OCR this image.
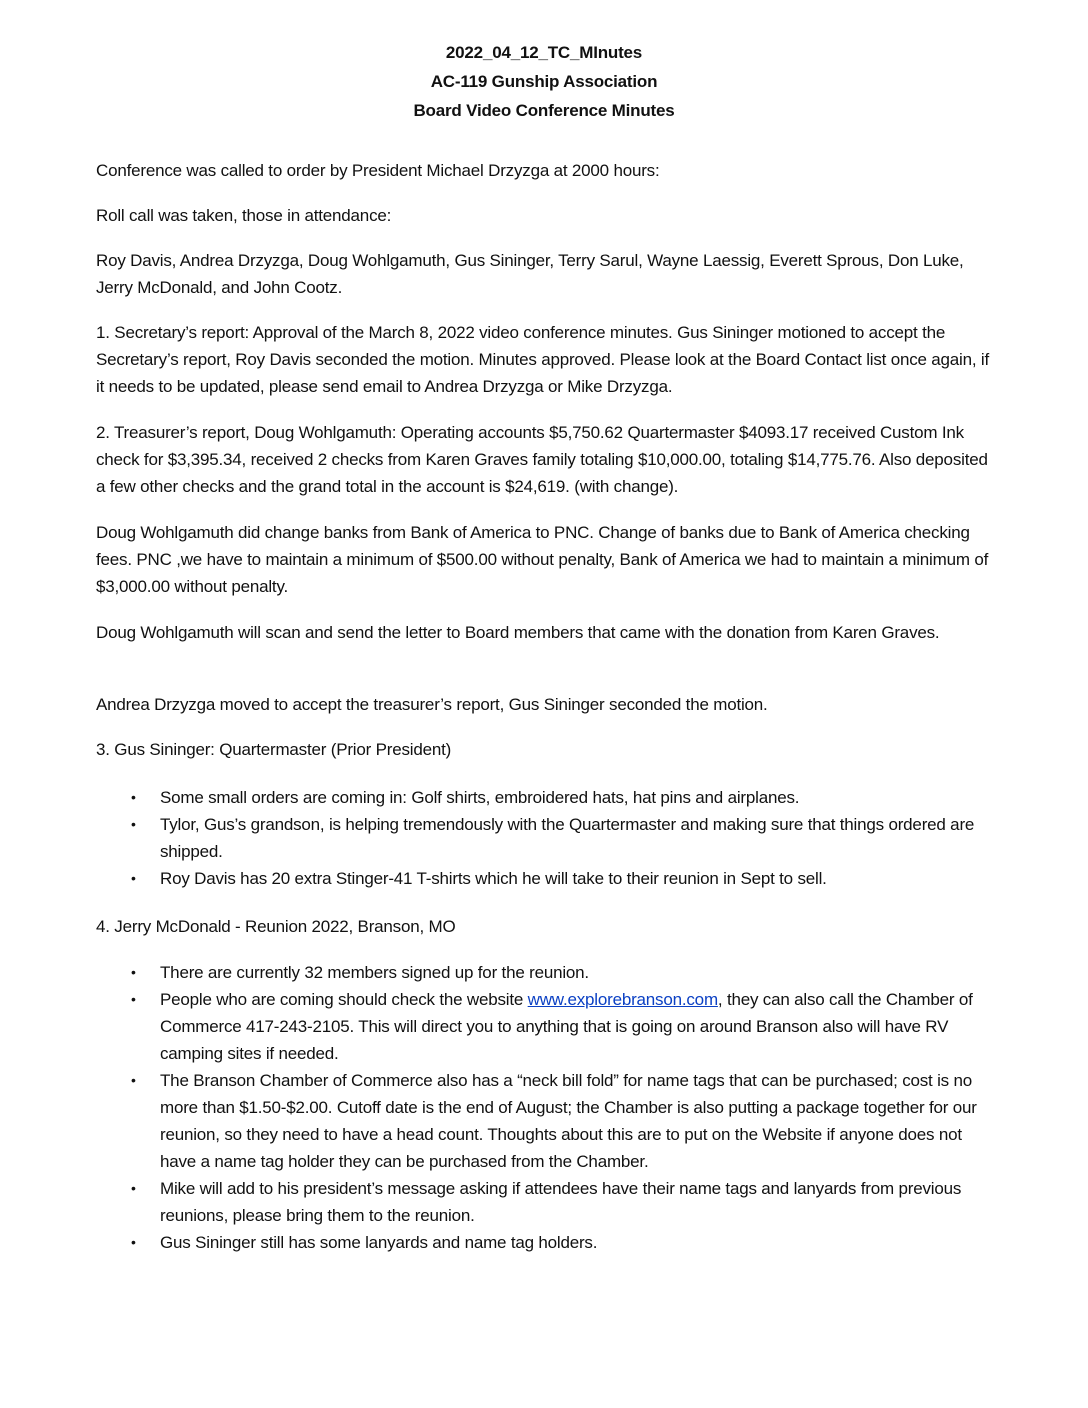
2022_04_12_TC_MInutes
AC-119 Gunship Association
Board Video Conference Minutes

Conference was called to order by President Michael Drzyzga at 2000 hours:

Roll call was taken, those in attendance:

Roy Davis, Andrea Drzyzga, Doug Wohlgamuth, Gus Sininger, Terry Sarul, Wayne Laessig, Everett Sprous, Don Luke, Jerry McDonald, and John Cootz.

1. Secretary’s report: Approval of the March 8, 2022 video conference minutes. Gus Sininger motioned to accept the Secretary’s report, Roy Davis seconded the motion. Minutes approved. Please look at the Board Contact list once again, if it needs to be updated, please send email to Andrea Drzyzga or Mike Drzyzga.

2. Treasurer’s report, Doug Wohlgamuth: Operating accounts $5,750.62 Quartermaster $4093.17 received Custom Ink check for $3,395.34, received 2 checks from Karen Graves family totaling $10,000.00, totaling $14,775.76. Also deposited a few other checks and the grand total in the account is $24,619. (with change).

Doug Wohlgamuth did change banks from Bank of America to PNC. Change of banks due to Bank of America checking fees. PNC ,we have to maintain a minimum of $500.00 without penalty, Bank of America we had to maintain a minimum of $3,000.00 without penalty.

Doug Wohlgamuth will scan and send the letter to Board members that came with the donation from Karen Graves.

Andrea Drzyzga moved to accept the treasurer’s report, Gus Sininger seconded the motion.

3. Gus Sininger: Quartermaster (Prior President)

• Some small orders are coming in: Golf shirts, embroidered hats, hat pins and airplanes.
• Tylor, Gus’s grandson, is helping tremendously with the Quartermaster and making sure that things ordered are shipped.
• Roy Davis has 20 extra Stinger-41 T-shirts which he will take to their reunion in Sept to sell.

4. Jerry McDonald - Reunion 2022, Branson, MO

• There are currently 32 members signed up for the reunion.
• People who are coming should check the website www.explorebranson.com, they can also call the Chamber of Commerce 417-243-2105. This will direct you to anything that is going on around Branson also will have RV camping sites if needed.
• The Branson Chamber of Commerce also has a “neck bill fold” for name tags that can be purchased; cost is no more than $1.50-$2.00. Cutoff date is the end of August; the Chamber is also putting a package together for our reunion, so they need to have a head count. Thoughts about this are to put on the Website if anyone does not have a name tag holder they can be purchased from the Chamber.
• Mike will add to his president’s message asking if attendees have their name tags and lanyards from previous reunions, please bring them to the reunion.
• Gus Sininger still has some lanyards and name tag holders.
